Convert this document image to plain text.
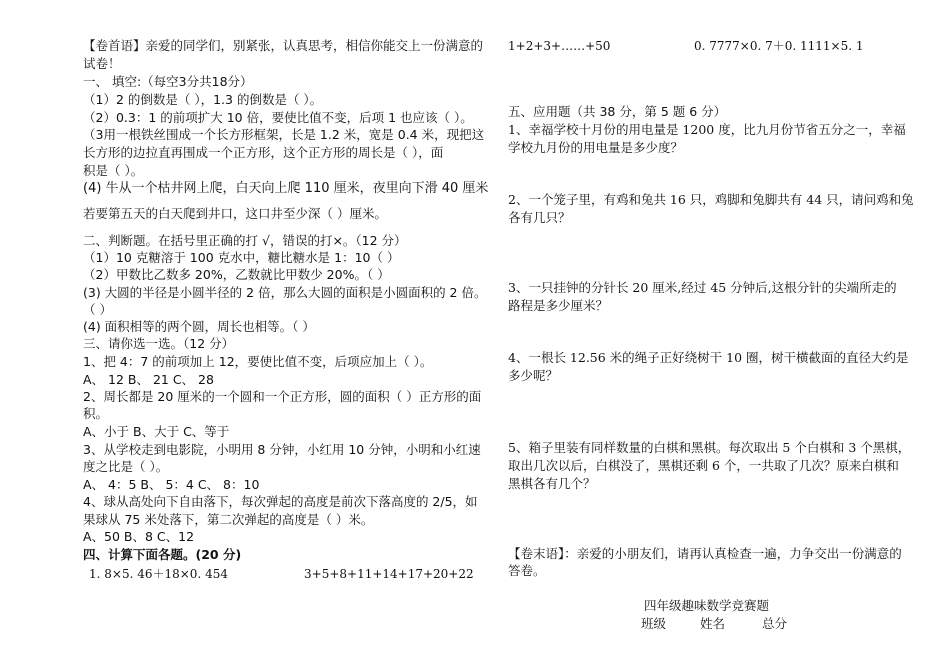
【卷首语】亲爱的同学们，别紧张，认真思考，相信你能交上一份满意的
试卷！
一、 填空:（每空3分共18分）
（1）2 的倒数是（ ），1.3 的倒数是（ ）。
（2）0.3：1 的前项扩大 10 倍，要使比值不变，后项 1 也应该（ ）。
（3用一根铁丝围成一个长方形框架，长是 1.2 米，宽是 0.4 米，现把这
长方形的边拉直再围成一个正方形，这个正方形的周长是（ ），面
积是（ ）。
(4) 牛从一个枯井网上爬，白天向上爬 110 厘米，夜里向下滑 40 厘米
若要第五天的白天爬到井口，这口井至少深（ ）厘米。
二、判断题。在括号里正确的打 √，错误的打×。（12 分）
（1）10 克糖溶于 100 克水中，糖比糖水是 1：10（ ）
（2）甲数比乙数多 20%，乙数就比甲数少 20%。（ ）
(3) 大圆的半径是小圆半径的 2 倍，那么大圆的面积是小圆面积的 2 倍。
（ ）
(4) 面积相等的两个圆，周长也相等。（ ）
三、请你选一选。（12 分）
1、把 4：7 的前项加上 12，要使比值不变，后项应加上（ ）。
A、 12 B、 21 C、 28
2、周长都是 20 厘米的一个圆和一个正方形，圆的面积（ ）正方形的面
积。
A、小于 B、大于 C、等于
3、从学校走到电影院，小明用 8 分钟，小红用 10 分钟，小明和小红速
度之比是（ ）。
A、 4：5 B、 5：4 C、 8：10
4、球从高处向下自由落下，每次弹起的高度是前次下落高度的 2/5，如
果球从 75 米处落下，第二次弹起的高度是（ ）米。
A、50 B、8 C、12
四、计算下面各题。(20 分)
1. 8×5. 46＋18×0. 454	3+5+8+11+14+17+20+22
1+2+3+……+50	0. 7777×0. 7＋0. 1111×5. 1
五、应用题（共 38 分，第 5 题 6 分）
1、幸福学校十月份的用电量是 1200 度，比九月份节省五分之一，幸福
学校九月份的用电量是多少度？
2、一个笼子里，有鸡和兔共 16 只，鸡脚和兔脚共有 44 只，请问鸡和兔
各有几只？
3、一只挂钟的分针长 20 厘米,经过 45 分钟后,这根分针的尖端所走的
路程是多少厘米？
4、一根长 12.56 米的绳子正好绕树干 10 圈，树干横截面的直径大约是
多少呢？
5、箱子里装有同样数量的白棋和黑棋。每次取出 5 个白棋和 3 个黑棋，
取出几次以后，白棋没了，黑棋还剩 6 个，一共取了几次？原来白棋和
黑棋各有几个？
【卷末语】：亲爱的小朋友们，请再认真检查一遍，力争交出一份满意的
答卷。
四年级趣味数学竞赛题
班级	姓名	总分
